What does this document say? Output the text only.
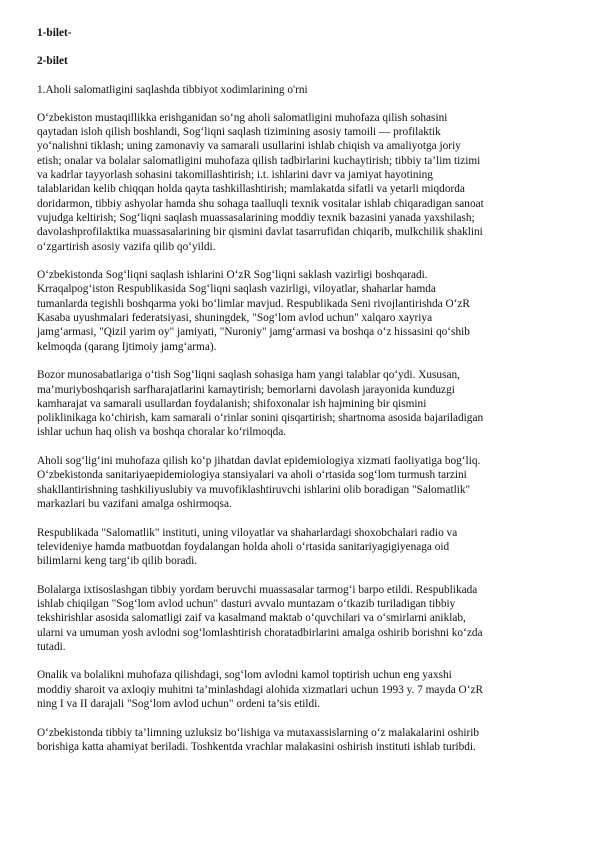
1-bilet-
2-bilet
1.Aholi salomatligini saqlashda tibbiyot xodimlarining o'rni
O‘zbekiston mustaqillikka erishganidan so‘ng aholi salomatligini muhofaza qilish sohasini
qaytadan isloh qilish boshlandi, Sog‘liqni saqlash tizimining asosiy tamoili — profilaktik
yo‘nalishni tiklash; uning zamonaviy va samarali usullarini ishlab chiqish va amaliyotga joriy
etish; onalar va bolalar salomatligini muhofaza qilish tadbirlarini kuchaytirish; tibbiy ta’lim tizimi
va kadrlar tayyorlash sohasini takomillashtirish; i.t. ishlarini davr va jamiyat hayotining
talablaridan kelib chiqqan holda qayta tashkillashtirish; mamlakatda sifatli va yetarli miqdorda
doridarmon, tibbiy ashyolar hamda shu sohaga taalluqli texnik vositalar ishlab chiqaradigan sanoat
vujudga keltirish; Sog‘liqni saqlash muassasalarining moddiy texnik bazasini yanada yaxshilash;
davolashprofilaktika muassasalarining bir qismini davlat tasarrufidan chiqarib, mulkchilik shaklini
o‘zgartirish asosiy vazifa qilib qo‘yildi.
O‘zbekistonda Sog‘liqni saqlash ishlarini O‘zR Sog‘liqni saklash vazirligi boshqaradi.
Krraqalpog‘iston Respublikasida Sog‘liqni saqlash vazirligi, viloyatlar, shaharlar hamda
tumanlarda tegishli boshqarma yoki bo‘limlar mavjud. Respublikada Seni rivojlantirishda O‘zR
Kasaba uyushmalari federatsiyasi, shuningdek, "Sog‘lom avlod uchun" xalqaro xayriya
jamg‘armasi, "Qizil yarim oy" jamiyati, "Nuroniy" jamg‘armasi va boshqa o‘z hissasini qo‘shib
kelmoqda (qarang Ijtimoiy jamg‘arma).
Bozor munosabatlariga o‘tish Sog‘liqni saqlash sohasiga ham yangi talablar qo‘ydi. Xususan,
ma’muriyboshqarish sarfharajatlarini kamaytirish; bemorlarni davolash jarayonida kunduzgi
kamharajat va samarali usullardan foydalanish; shifoxonalar ish hajmining bir qismini
poliklinikaga ko‘chirish, kam samarali o‘rinlar sonini qisqartirish; shartnoma asosida bajariladigan
ishlar uchun haq olish va boshqa choralar ko‘rilmoqda.
Aholi sog‘lig‘ini muhofaza qilish ko‘p jihatdan davlat epidemiologiya xizmati faoliyatiga bog‘liq.
O‘zbekistonda sanitariyaepidemiologiya stansiyalari va aholi o‘rtasida sog‘lom turmush tarzini
shakllantirishning tashkiliyuslubiy va muvofiklashtiruvchi ishlarini olib boradigan "Salomatlik"
markazlari bu vazifani amalga oshirmoqsa.
Respublikada "Salomatlik" instituti, uning viloyatlar va shaharlardagi shoxobchalari radio va
televideniye hamda matbuotdan foydalangan holda aholi o‘rtasida sanitariyagigiyenaga oid
bilimlarni keng targ‘ib qilib boradi.
Bolalarga ixtisoslashgan tibbiy yordam beruvchi muassasalar tarmog‘i barpo etildi. Respublikada
ishlab chiqilgan "Sog‘lom avlod uchun" dasturi avvalo muntazam o‘tkazib turiladigan tibbiy
tekshirishlar asosida salomatligi zaif va kasalmand maktab o‘quvchilari va o‘smirlarni aniklab,
ularni va umuman yosh avlodni sog‘lomlashtirish choratadbirlarini amalga oshirib borishni ko‘zda
tutadi.
Onalik va bolalikni muhofaza qilishdagi, sog‘lom avlodni kamol toptirish uchun eng yaxshi
moddiy sharoit va axloqiy muhitni ta’minlashdagi alohida xizmatlari uchun 1993 y. 7 mayda O‘zR
ning I va II darajali "Sog‘lom avlod uchun" ordeni ta’sis etildi.
O‘zbekistonda tibbiy ta’limning uzluksiz bo‘lishiga va mutaxassislarning o‘z malakalarini oshirib
borishiga katta ahamiyat beriladi. Toshkentda vrachlar malakasini oshirish instituti ishlab turibdi.
